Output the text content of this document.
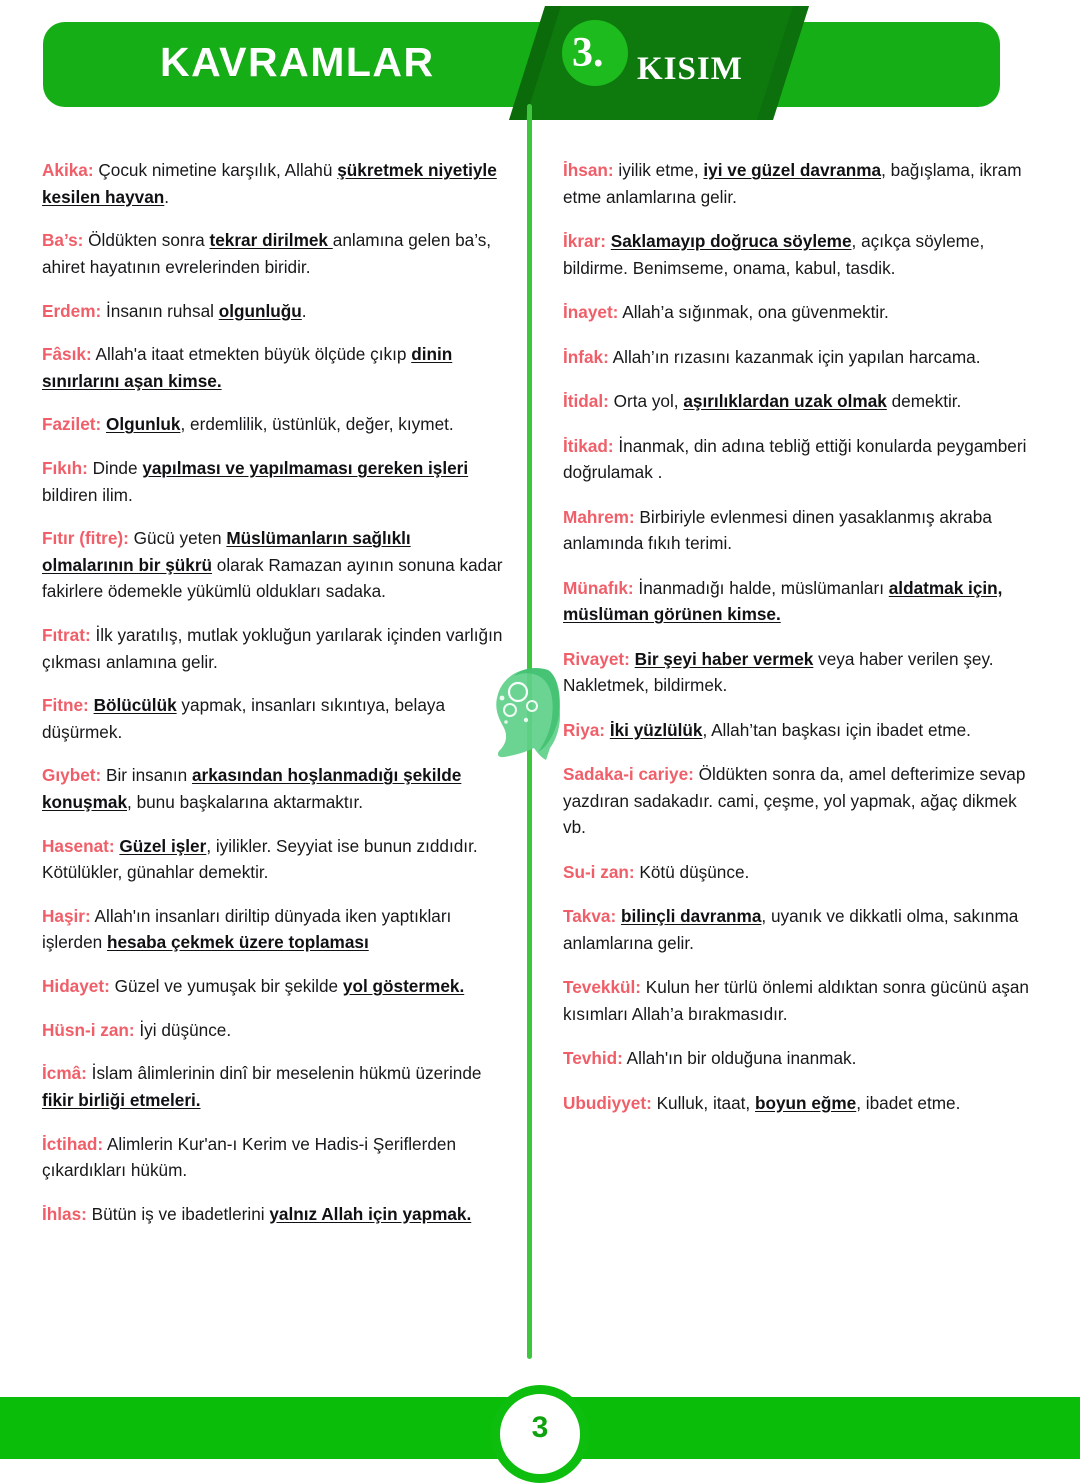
KAVRAMLAR	3.	KISIM

Akika: Çocuk nimetine karşılık, Allahü şükretmek niyetiyle kesilen hayvan.

Ba’s: Öldükten sonra tekrar dirilmek anlamına gelen ba’s, ahiret hayatının evrelerinden biridir.

Erdem: İnsanın ruhsal olgunluğu.

Fâsık: Allah'a itaat etmekten büyük ölçüde çıkıp dinin sınırlarını aşan kimse.

Fazilet: Olgunluk, erdemlilik, üstünlük, değer, kıymet.

Fıkıh: Dinde yapılması ve yapılmaması gereken işleri bildiren ilim.

Fıtır (fitre): Gücü yeten Müslümanların sağlıklı olmalarının bir şükrü olarak Ramazan ayının sonuna kadar fakirlere ödemekle yükümlü oldukları sadaka.

Fıtrat: İlk yaratılış, mutlak yokluğun yarılarak içinden varlığın çıkması anlamına gelir.

Fitne: Bölücülük yapmak, insanları sıkıntıya, belaya düşürmek.

Gıybet: Bir insanın arkasından hoşlanmadığı şekilde konuşmak, bunu başkalarına aktarmaktır.

Hasenat: Güzel işler, iyilikler. Seyyiat ise bunun zıddıdır. Kötülükler, günahlar demektir.

Haşir: Allah'ın insanları diriltip dünyada iken yaptıkları işlerden hesaba çekmek üzere toplaması

Hidayet: Güzel ve yumuşak bir şekilde yol göstermek.

Hüsn-i zan: İyi düşünce.

İcmâ: İslam âlimlerinin dinî bir meselenin hükmü üzerinde fikir birliği etmeleri.

İctihad: Alimlerin Kur'an-ı Kerim ve Hadis-i Şeriflerden çıkardıkları hüküm.

İhlas: Bütün iş ve ibadetlerini yalnız Allah için yapmak.

İhsan: iyilik etme, iyi ve güzel davranma, bağışlama, ikram etme anlamlarına gelir.

İkrar: Saklamayıp doğruca söyleme, açıkça söyleme, bildirme. Benimseme, onama, kabul, tasdik.

İnayet: Allah’a sığınmak, ona güvenmektir.

İnfak: Allah’ın rızasını kazanmak için yapılan harcama.

İtidal: Orta yol, aşırılıklardan uzak olmak demektir.

İtikad: İnanmak, din adına tebliğ ettiği konularda peygamberi doğrulamak .

Mahrem: Birbiriyle evlenmesi dinen yasaklanmış akraba anlamında fıkıh terimi.

Münafık: İnanmadığı halde, müslümanları aldatmak için, müslüman görünen kimse.

Rivayet: Bir şeyi haber vermek veya haber verilen şey. Nakletmek, bildirmek.

Riya: İki yüzlülük, Allah’tan başkası için ibadet etme.

Sadaka-i cariye: Öldükten sonra da, amel defterimize sevap yazdıran sadakadır. cami, çeşme, yol yapmak, ağaç dikmek vb.

Su-i zan: Kötü düşünce.

Takva: bilinçli davranma, uyanık ve dikkatli olma, sakınma anlamlarına gelir.

Tevekkül: Kulun her türlü önlemi aldıktan sonra gücünü aşan kısımları Allah’a bırakmasıdır.

Tevhid: Allah'ın bir olduğuna inanmak.

Ubudiyyet: Kulluk, itaat, boyun eğme, ibadet etme.

3
